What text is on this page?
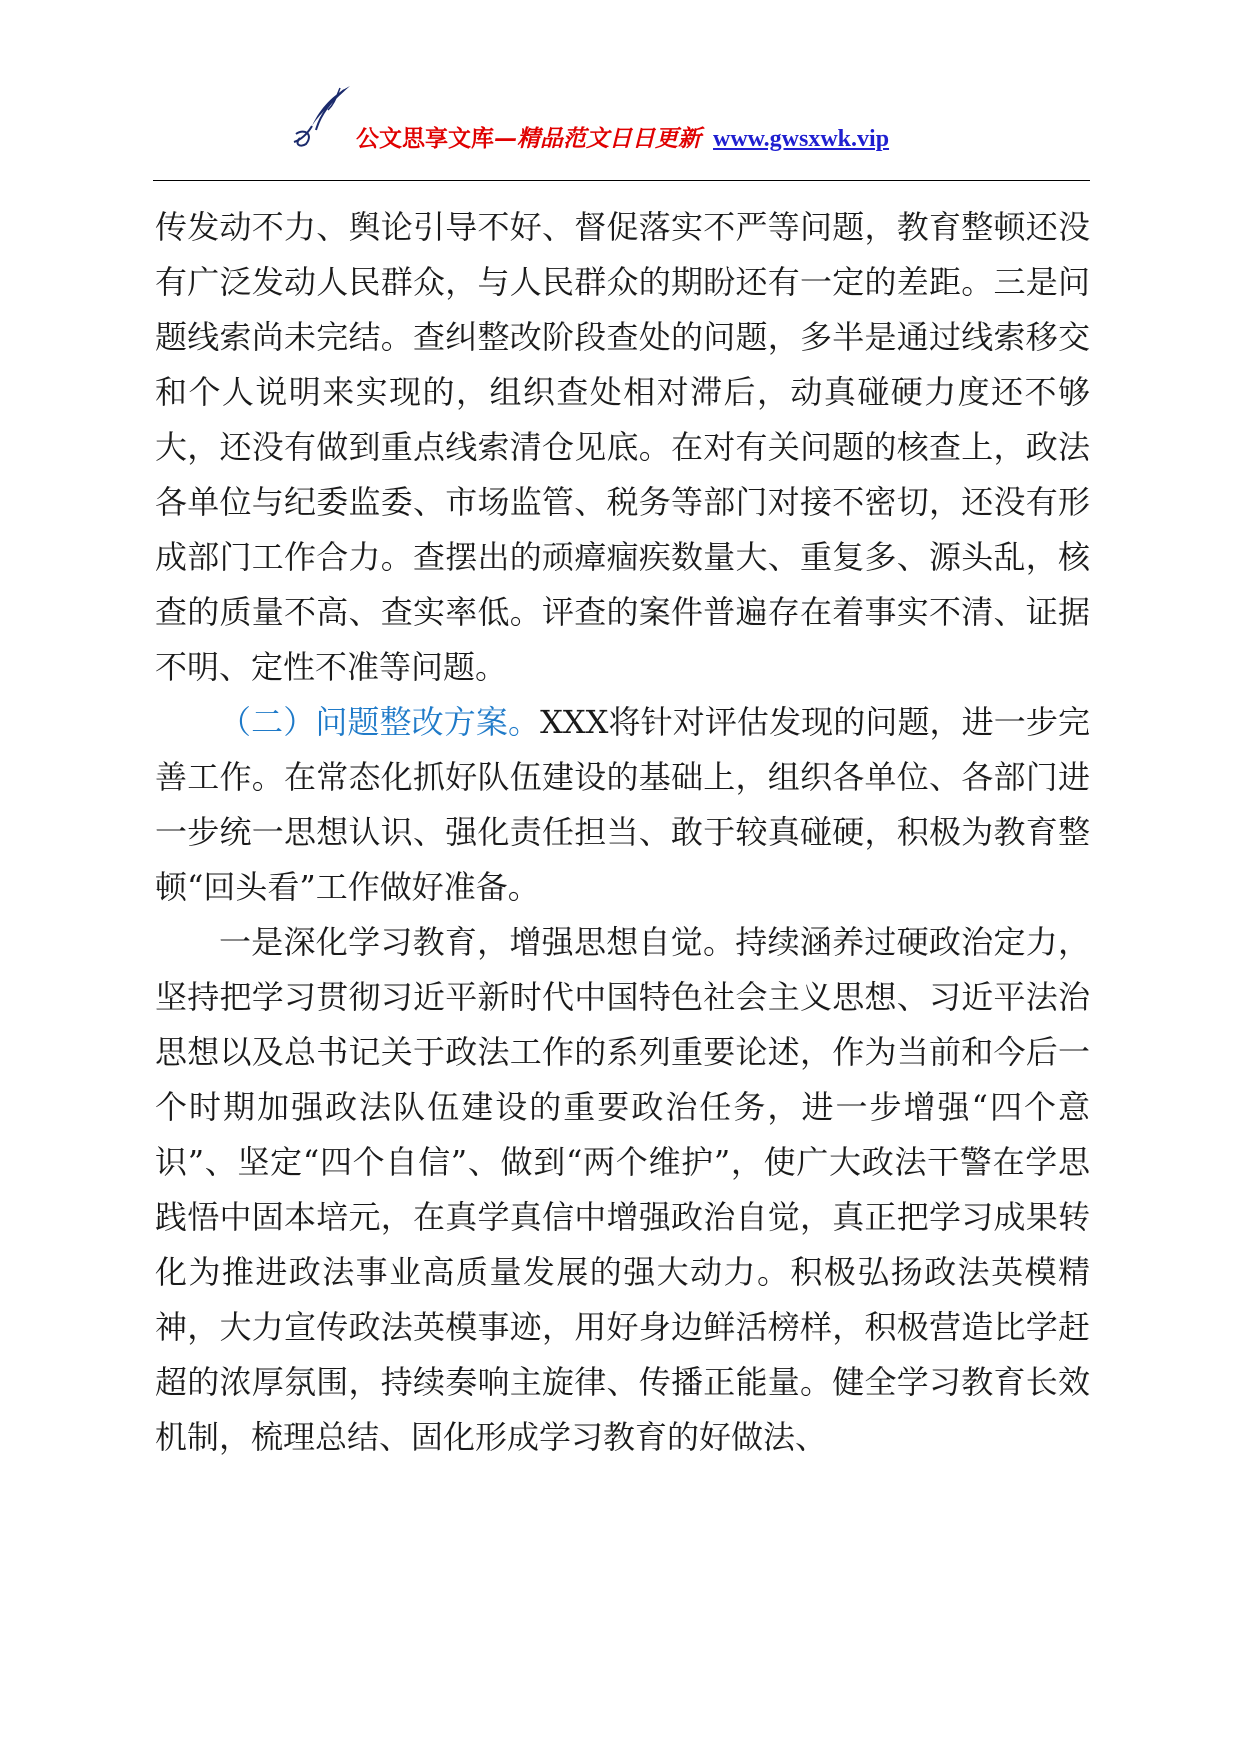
公文思享文库—精品范文日日更新 www.gwsxwk.vip

传发动不力、舆论引导不好、督促落实不严等问题，教育整顿还没有广泛发动人民群众，与人民群众的期盼还有一定的差距。三是问题线索尚未完结。查纠整改阶段查处的问题，多半是通过线索移交和个人说明来实现的，组织查处相对滞后，动真碰硬力度还不够大，还没有做到重点线索清仓见底。在对有关问题的核查上，政法各单位与纪委监委、市场监管、税务等部门对接不密切，还没有形成部门工作合力。查摆出的顽瘴痼疾数量大、重复多、源头乱，核查的质量不高、查实率低。评查的案件普遍存在着事实不清、证据不明、定性不准等问题。

（二）问题整改方案。XXX将针对评估发现的问题，进一步完善工作。在常态化抓好队伍建设的基础上，组织各单位、各部门进一步统一思想认识、强化责任担当、敢于较真碰硬，积极为教育整顿“回头看”工作做好准备。

一是深化学习教育，增强思想自觉。持续涵养过硬政治定力，坚持把学习贯彻习近平新时代中国特色社会主义思想、习近平法治思想以及总书记关于政法工作的系列重要论述，作为当前和今后一个时期加强政法队伍建设的重要政治任务，进一步增强“四个意识”、坚定“四个自信”、做到“两个维护”，使广大政法干警在学思践悟中固本培元，在真学真信中增强政治自觉，真正把学习成果转化为推进政法事业高质量发展的强大动力。积极弘扬政法英模精神，大力宣传政法英模事迹，用好身边鲜活榜样，积极营造比学赶超的浓厚氛围，持续奏响主旋律、传播正能量。健全学习教育长效机制，梳理总结、固化形成学习教育的好做法、
